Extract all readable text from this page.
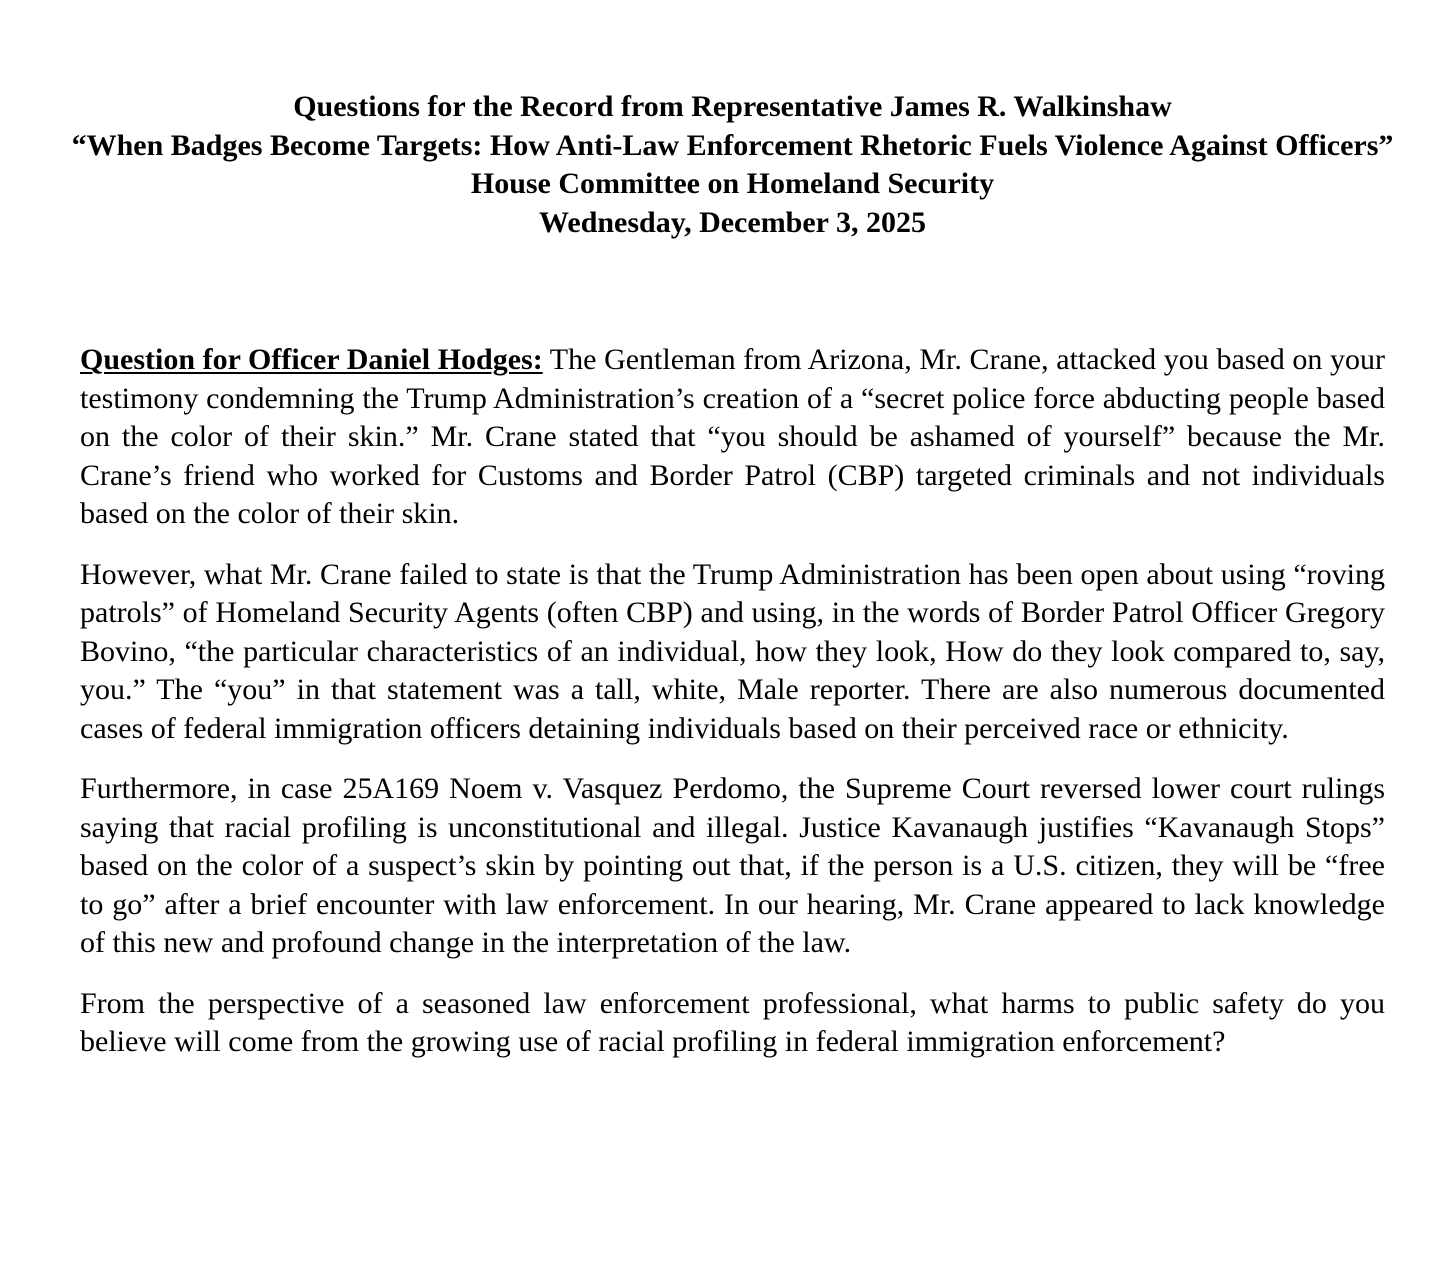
Questions for the Record from Representative James R. Walkinshaw
“When Badges Become Targets: How Anti-Law Enforcement Rhetoric Fuels Violence Against Officers”
House Committee on Homeland Security
Wednesday, December 3, 2025

Question for Officer Daniel Hodges: The Gentleman from Arizona, Mr. Crane, attacked you based on your testimony condemning the Trump Administration’s creation of a “secret police force abducting people based on the color of their skin.” Mr. Crane stated that “you should be ashamed of yourself” because the Mr. Crane’s friend who worked for Customs and Border Patrol (CBP) targeted criminals and not individuals based on the color of their skin.

However, what Mr. Crane failed to state is that the Trump Administration has been open about using “roving patrols” of Homeland Security Agents (often CBP) and using, in the words of Border Patrol Officer Gregory Bovino, “the particular characteristics of an individual, how they look, How do they look compared to, say, you.” The “you” in that statement was a tall, white, Male reporter. There are also numerous documented cases of federal immigration officers detaining individuals based on their perceived race or ethnicity.

Furthermore, in case 25A169 Noem v. Vasquez Perdomo, the Supreme Court reversed lower court rulings saying that racial profiling is unconstitutional and illegal. Justice Kavanaugh justifies “Kavanaugh Stops” based on the color of a suspect’s skin by pointing out that, if the person is a U.S. citizen, they will be “free to go” after a brief encounter with law enforcement. In our hearing, Mr. Crane appeared to lack knowledge of this new and profound change in the interpretation of the law.

From the perspective of a seasoned law enforcement professional, what harms to public safety do you believe will come from the growing use of racial profiling in federal immigration enforcement?
